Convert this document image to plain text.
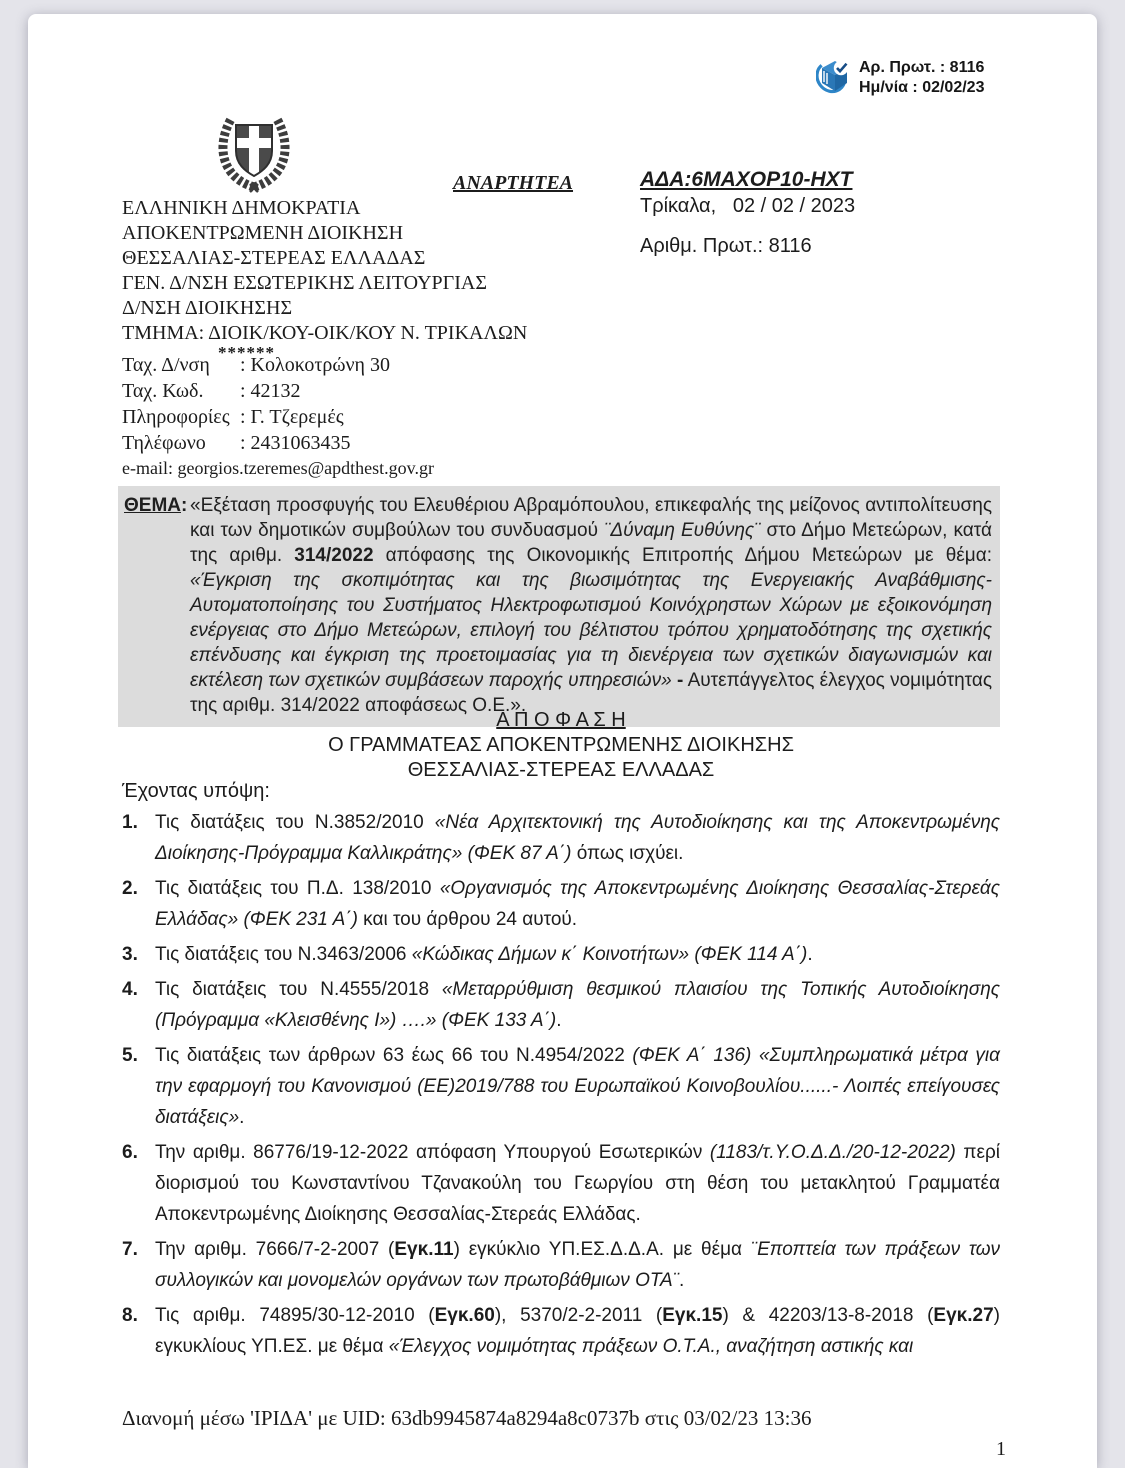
Αρ. Πρωτ. : 8116
Ημ/νία : 02/02/23
ΑΝΑΡΤΗΤΕΑ	ΑΔΑ:6ΜΑΧΟΡ10-ΗΧΤ
Τρίκαλα,   02 / 02 / 2023
Αριθμ. Πρωτ.: 8116
ΕΛΛΗΝΙΚΗ ΔΗΜΟΚΡΑΤΙΑ
ΑΠΟΚΕΝΤΡΩΜΕΝΗ ΔΙΟΙΚΗΣΗ
ΘΕΣΣΑΛΙΑΣ-ΣΤΕΡΕΑΣ ΕΛΛΑΔΑΣ
ΓΕΝ. Δ/ΝΣΗ ΕΣΩΤΕΡΙΚΗΣ ΛΕΙΤΟΥΡΓΙΑΣ
Δ/ΝΣΗ ΔΙΟΙΚΗΣΗΣ
ΤΜΗΜΑ: ΔΙΟΙΚ/ΚΟΥ-ΟΙΚ/ΚΟΥ Ν. ΤΡΙΚΑΛΩΝ
******
Ταχ. Δ/νση : Κολοκοτρώνη 30
Ταχ. Κωδ. : 42132
Πληροφορίες : Γ. Τζερεμές
Τηλέφωνο : 2431063435
e-mail: georgios.tzeremes@apdthest.gov.gr
ΘΕΜΑ:«Εξέταση προσφυγής του Ελευθέριου Αβραμόπουλου, επικεφαλής της μείζονος αντιπολίτευσης και των δημοτικών συμβούλων του συνδυασμού ¨Δύναμη Ευθύνης¨ στο Δήμο Μετεώρων, κατά της αριθμ. 314/2022 απόφασης της Οικονομικής Επιτροπής Δήμου Μετεώρων με θέμα: «Έγκριση της σκοπιμότητας και της βιωσιμότητας της Ενεργειακής Αναβάθμισης-Αυτοματοποίησης του Συστήματος Ηλεκτροφωτισμού Κοινόχρηστων Χώρων με εξοικονόμηση ενέργειας στο Δήμο Μετεώρων, επιλογή του βέλτιστου τρόπου χρηματοδότησης της σχετικής επένδυσης και έγκριση της προετοιμασίας για τη διενέργεια των σχετικών διαγωνισμών και εκτέλεση των σχετικών συμβάσεων παροχής υπηρεσιών» - Αυτεπάγγελτος έλεγχος νομιμότητας της αριθμ. 314/2022 αποφάσεως Ο.Ε.».
Α Π Ο Φ Α Σ Η
Ο ΓΡΑΜΜΑΤΕΑΣ ΑΠΟΚΕΝΤΡΩΜΕΝΗΣ ΔΙΟΙΚΗΣΗΣ
ΘΕΣΣΑΛΙΑΣ-ΣΤΕΡΕΑΣ ΕΛΛΑΔΑΣ
Έχοντας υπόψη:
1. Τις διατάξεις του Ν.3852/2010 «Νέα Αρχιτεκτονική της Αυτοδιοίκησης και της Αποκεντρωμένης Διοίκησης-Πρόγραμμα Καλλικράτης» (ΦΕΚ 87 Α΄) όπως ισχύει.
2. Τις διατάξεις του Π.Δ. 138/2010 «Οργανισμός της Αποκεντρωμένης Διοίκησης Θεσσαλίας-Στερεάς Ελλάδας» (ΦΕΚ 231 Α΄) και του άρθρου 24 αυτού.
3. Τις διατάξεις του Ν.3463/2006 «Κώδικας Δήμων κ΄ Κοινοτήτων» (ΦΕΚ 114 Α΄).
4. Τις διατάξεις του Ν.4555/2018 «Μεταρρύθμιση θεσμικού πλαισίου της Τοπικής Αυτοδιοίκησης (Πρόγραμμα «Κλεισθένης Ι») ….» (ΦΕΚ 133 Α΄).
5. Τις διατάξεις των άρθρων 63 έως 66 του Ν.4954/2022 (ΦΕΚ Α΄ 136) «Συμπληρωματικά μέτρα για την εφαρμογή του Κανονισμού (ΕΕ)2019/788 του Ευρωπαϊκού Κοινοβουλίου......- Λοιπές επείγουσες διατάξεις».
6. Την αριθμ. 86776/19-12-2022 απόφαση Υπουργού Εσωτερικών (1183/τ.Υ.Ο.Δ.Δ./20-12-2022) περί διορισμού του Κωνσταντίνου Τζανακούλη του Γεωργίου στη θέση του μετακλητού Γραμματέα Αποκεντρωμένης Διοίκησης Θεσσαλίας-Στερεάς Ελλάδας.
7. Την αριθμ. 7666/7-2-2007 (Εγκ.11) εγκύκλιο ΥΠ.ΕΣ.Δ.Δ.Α. με θέμα ¨Εποπτεία των πράξεων των συλλογικών και μονομελών οργάνων των πρωτοβάθμιων ΟΤΑ¨.
8. Τις αριθμ. 74895/30-12-2010 (Εγκ.60), 5370/2-2-2011 (Εγκ.15) & 42203/13-8-2018 (Εγκ.27) εγκυκλίους ΥΠ.ΕΣ. με θέμα «Έλεγχος νομιμότητας πράξεων Ο.Τ.Α., αναζήτηση αστικής και
Διανομή μέσω 'ΙΡΙΔΑ' με UID: 63db9945874a8294a8c0737b στις 03/02/23 13:36
1
